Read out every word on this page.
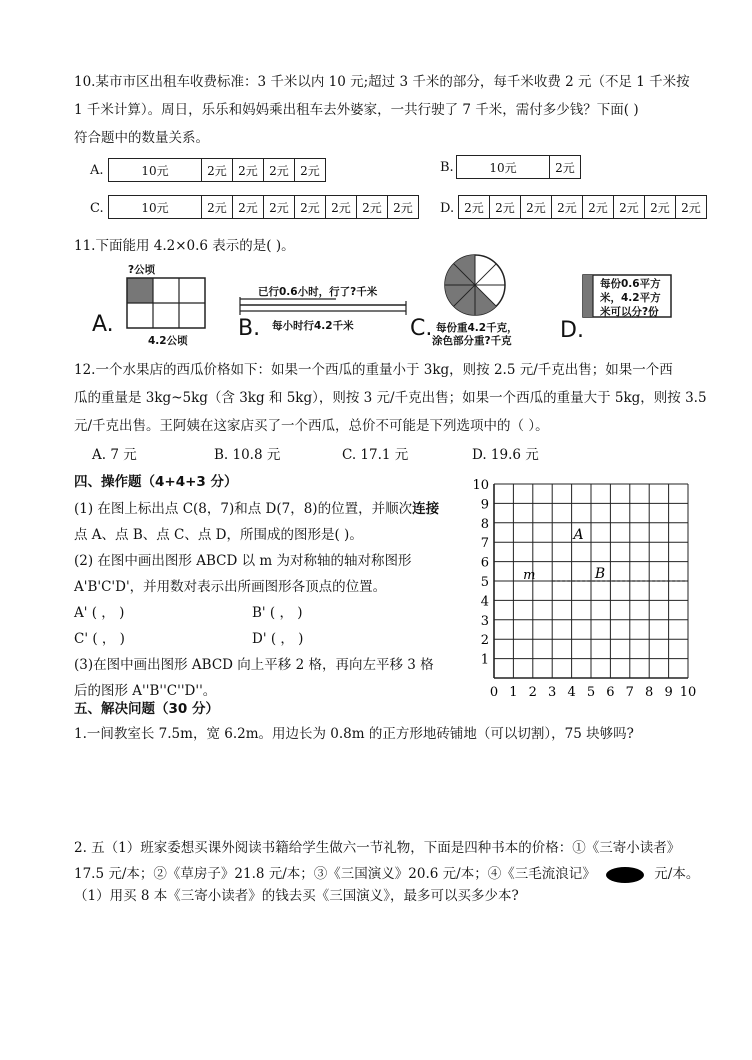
10.某市市区出租车收费标准：3 千米以内 10 元;超过 3 千米的部分，每千米收费 2 元（不足 1 千米按
1 千米计算）。周日，乐乐和妈妈乘出租车去外婆家，一共行驶了 7 千米，需付多少钱？下面( )
符合题中的数量关系。
A.	10元	2元 2元 2元 2元	B.	10元	2元
C.	10元	2元 2元 2元 2元 2元 2元 2元	D. 2元 2元 2元 2元 2元 2元 2元 2元
11.下面能用 4.2×0.6 表示的是( )。
?公顷
4.2公顷
A.
已行0.6小时，行了?千米
每小时行4.2千米
B.	每份重4.2千克，
涂色部分重?千克
C.
每份0.6平方
米，4.2平方
米可以分?份
D.
12.一个水果店的西瓜价格如下：如果一个西瓜的重量小于 3kg，则按 2.5 元/千克出售；如果一个西
瓜的重量是 3kg~5kg（含 3kg 和 5kg），则按 3 元/千克出售；如果一个西瓜的重量大于 5kg，则按 3.5
元/千克出售。王阿姨在这家店买了一个西瓜，总价不可能是下列选项中的（ ）。
A. 7 元	B. 10.8 元	C. 17.1 元	D. 19.6 元
四、操作题（4+4+3 分）
(1) 在图上标出点 C(8，7)和点 D(7，8)的位置，并顺次连接
点 A、点 B、点 C、点 D，所围成的图形是( )。
(2) 在图中画出图形 ABCD 以 m 为对称轴的轴对称图形
A'B'C'D'，并用数对表示出所画图形各顶点的位置。
A' ( ， )	B' ( ， )
C' ( ， )	D' ( ， )
(3)在图中画出图形 ABCD 向上平移 2 格，再向左平移 3 格
后的图形 A''B''C''D''。	0 1 2 3 4 5 6 7 8 9 10
1
2
3
4
5
6
7
8
9
10
m
A
B
五、解决问题（30 分）
1.一间教室长 7.5m，宽 6.2m。用边长为 0.8m 的正方形地砖铺地（可以切割），75 块够吗?
2. 五（1）班家委想买课外阅读书籍给学生做六一节礼物，下面是四种书本的价格：①《三寄小读者》
17.5 元/本；②《草房子》21.8 元/本；③《三国演义》20.6 元/本；④《三毛流浪记》	元/本。
（1）用买 8 本《三寄小读者》的钱去买《三国演义》，最多可以买多少本?
